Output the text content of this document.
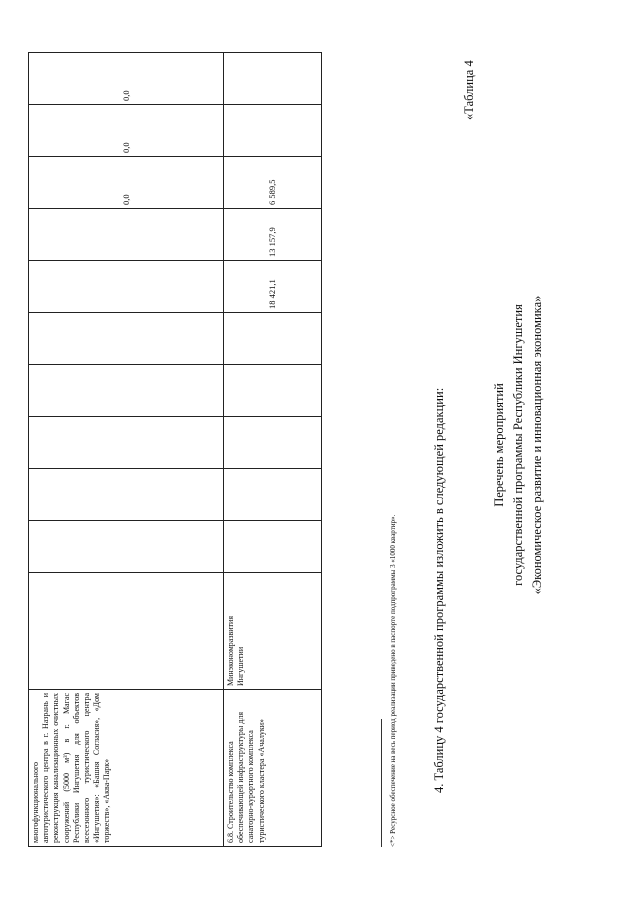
многофункционального автотуристического центра в г. Назрань и реконструкция канализационных очистных сооружений (5000 м³) в г. Магас Республики Ингушетия для объектов всесезонного туристического центра «Ингушетия»: «Башня Согласия», «Дом торжеств», «Аква-Парк»									0,0	0,0	0,0
6.8. Строительство комплекса обеспечивающей инфраструктуры для санаторно-курортного комплекса туристического кластера «Ачалуки»	Минэкономразвития Ингушетии						18 421,1	13 157,9	6 589,5		
<*> Ресурсное обеспечение на весь период реализации приведено в паспорте подпрограммы 3 «1000 квартир».	4. Таблицу 4 государственной программы изложить в следующей редакции:
«Таблица 4
Перечень мероприятий государственной программы Республики Ингушетия «Экономическое развитие и инновационная экономика»
